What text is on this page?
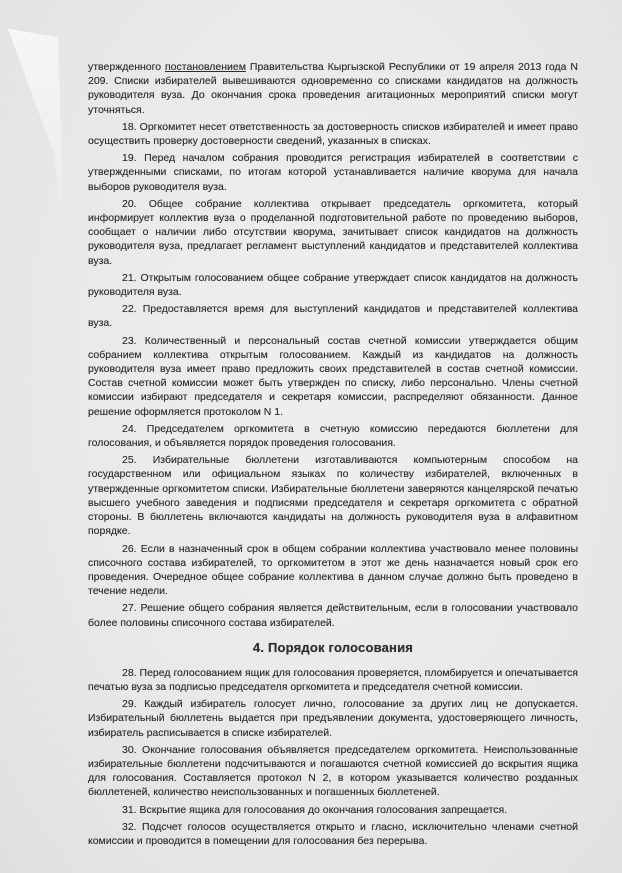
утвержденного постановлением Правительства Кыргызской Республики от 19 апреля 2013 года N 209. Списки избирателей вывешиваются одновременно со списками кандидатов на должность руководителя вуза. До окончания срока проведения агитационных мероприятий списки могут уточняться.

18. Оргкомитет несет ответственность за достоверность списков избирателей и имеет право осуществить проверку достоверности сведений, указанных в списках.

19. Перед началом собрания проводится регистрация избирателей в соответствии с утвержденными списками, по итогам которой устанавливается наличие кворума для начала выборов руководителя вуза.

20. Общее собрание коллектива открывает председатель оргкомитета, который информирует коллектив вуза о проделанной подготовительной работе по проведению выборов, сообщает о наличии либо отсутствии кворума, зачитывает список кандидатов на должность руководителя вуза, предлагает регламент выступлений кандидатов и представителей коллектива вуза.

21. Открытым голосованием общее собрание утверждает список кандидатов на должность руководителя вуза.

22. Предоставляется время для выступлений кандидатов и представителей коллектива вуза.

23. Количественный и персональный состав счетной комиссии утверждается общим собранием коллектива открытым голосованием. Каждый из кандидатов на должность руководителя вуза имеет право предложить своих представителей в состав счетной комиссии. Состав счетной комиссии может быть утвержден по списку, либо персонально. Члены счетной комиссии избирают председателя и секретаря комиссии, распределяют обязанности. Данное решение оформляется протоколом N 1.

24. Председателем оргкомитета в счетную комиссию передаются бюллетени для голосования, и объявляется порядок проведения голосования.

25. Избирательные бюллетени изготавливаются компьютерным способом на государственном или официальном языках по количеству избирателей, включенных в утвержденные оргкомитетом списки. Избирательные бюллетени заверяются канцелярской печатью высшего учебного заведения и подписями председателя и секретаря оргкомитета с обратной стороны. В бюллетень включаются кандидаты на должность руководителя вуза в алфавитном порядке.

26. Если в назначенный срок в общем собрании коллектива участвовало менее половины списочного состава избирателей, то оргкомитетом в этот же день назначается новый срок его проведения. Очередное общее собрание коллектива в данном случае должно быть проведено в течение недели.

27. Решение общего собрания является действительным, если в голосовании участвовало более половины списочного состава избирателей.

4. Порядок голосования

28. Перед голосованием ящик для голосования проверяется, пломбируется и опечатывается печатью вуза за подписью председателя оргкомитета и председателя счетной комиссии.

29. Каждый избиратель голосует лично, голосование за других лиц не допускается. Избирательный бюллетень выдается при предъявлении документа, удостоверяющего личность, избиратель расписывается в списке избирателей.

30. Окончание голосования объявляется председателем оргкомитета. Неиспользованные избирательные бюллетени подсчитываются и погашаются счетной комиссией до вскрытия ящика для голосования. Составляется протокол N 2, в котором указывается количество розданных бюллетеней, количество неиспользованных и погашенных бюллетеней.

31. Вскрытие ящика для голосования до окончания голосования запрещается.

32. Подсчет голосов осуществляется открыто и гласно, исключительно членами счетной комиссии и проводится в помещении для голосования без перерыва.
